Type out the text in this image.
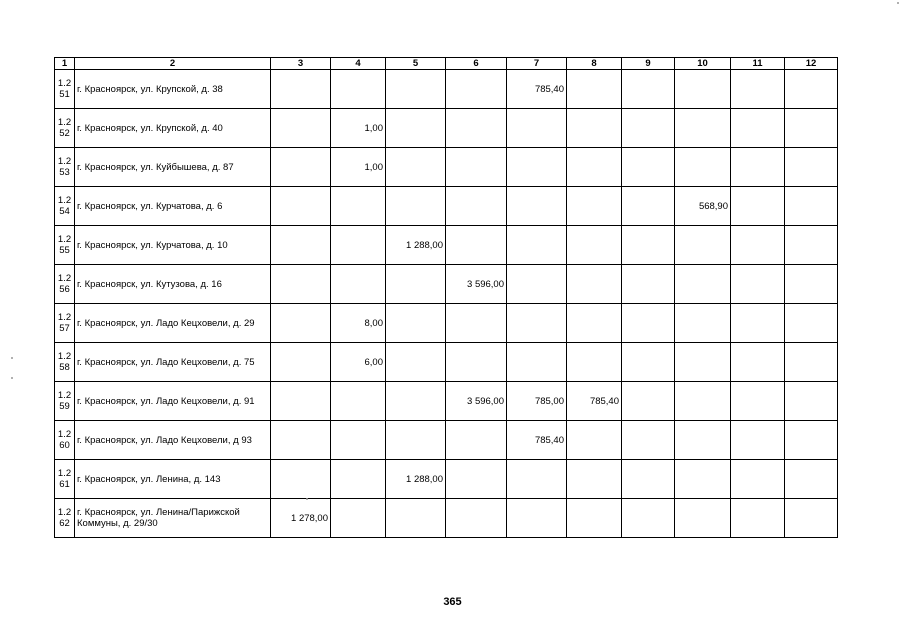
1	2	3	4	5	6	7	8	9	10	11	12
1.2 51	г. Красноярск, ул. Крупской, д. 38					785,40					
1.2 52	г. Красноярск, ул. Крупской, д. 40		1,00								
1.2 53	г. Красноярск, ул. Куйбышева, д. 87		1,00								
1.2 54	г. Красноярск, ул. Курчатова, д. 6								568,90		
1.2 55	г. Красноярск, ул. Курчатова, д. 10			1 288,00							
1.2 56	г. Красноярск, ул. Кутузова, д. 16				3 596,00						
1.2 57	г. Красноярск, ул. Ладо Кецховели, д. 29		8,00								
1.2 58	г. Красноярск, ул. Ладо Кецховели, д. 75		6,00								
1.2 59	г. Красноярск, ул. Ладо Кецховели, д. 91				3 596,00	785,00	785,40				
1.2 60	г. Красноярск, ул. Ладо Кецховели, д 93					785,40					
1.2 61	г. Красноярск, ул. Ленина, д. 143			1 288,00							
1.2 62	г. Красноярск, ул. Ленина/Парижской Коммуны, д. 29/30	1 278,00									
365
